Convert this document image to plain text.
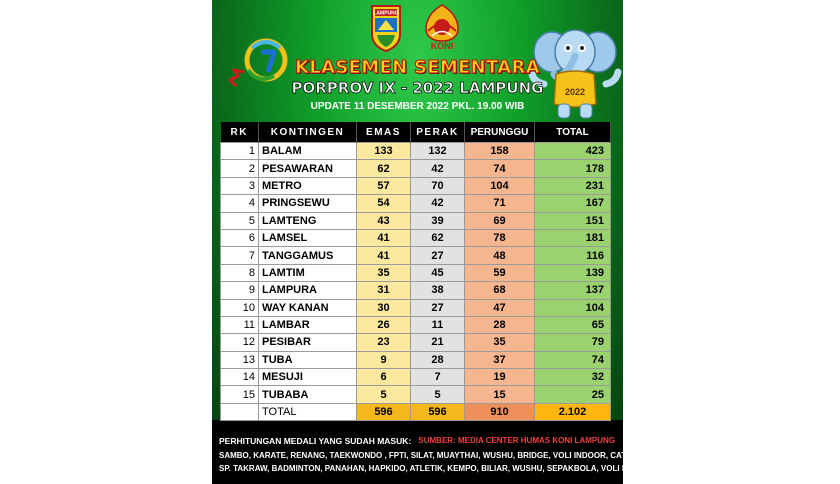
LAMPUNG
KONI
2022
KLASEMEN SEMENTARA
PORPROV IX - 2022 LAMPUNG
UPDATE 11 DESEMBER 2022 PKL. 19.00 WIB
RK	KONTINGEN	EMAS	PERAK	PERUNGGU	TOTAL
1	BALAM	133	132	158	423
2	PESAWARAN	62	42	74	178
3	METRO	57	70	104	231
4	PRINGSEWU	54	42	71	167
5	LAMTENG	43	39	69	151
6	LAMSEL	41	62	78	181
7	TANGGAMUS	41	27	48	116
8	LAMTIM	35	45	59	139
9	LAMPURA	31	38	68	137
10	WAY KANAN	30	27	47	104
11	LAMBAR	26	11	28	65
12	PESIBAR	23	21	35	79
13	TUBA	9	28	37	74
14	MESUJI	6	7	19	32
15	TUBABA	5	5	15	25
	TOTAL	596	596	910	2.102
PERHITUNGAN MEDALI YANG SUDAH MASUK: SUMBER: MEDIA CENTER HUMAS KONI LAMPUNG
SAMBO, KARATE, RENANG, TAEKWONDO , FPTI, SILAT, MUAYTHAI, WUSHU, BRIDGE, VOLI INDOOR, CATUR, SEPEDA,
SP. TAKRAW, BADMINTON, PANAHAN, HAPKIDO, ATLETIK, KEMPO, BILIAR, WUSHU, SEPAKBOLA, VOLI PASIR, BASKET.
